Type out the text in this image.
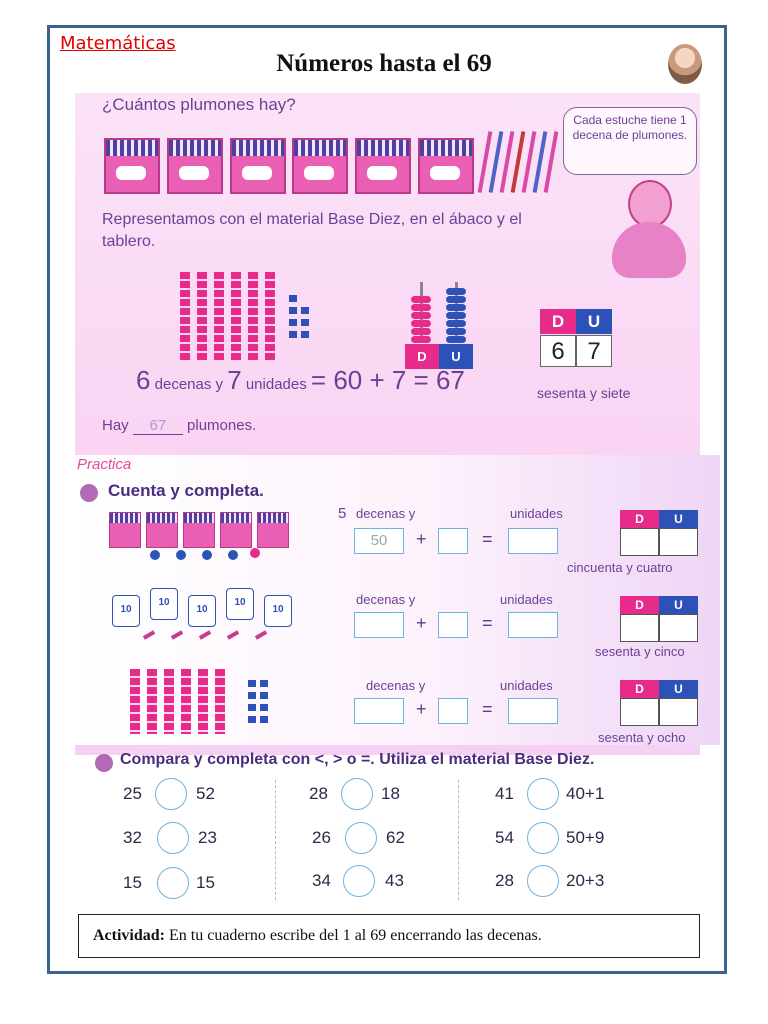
Matemáticas
Números hasta el 69
¿Cuántos plumones hay?
Cada estuche tiene 1 decena de plumones.
Representamos con el material Base Diez, en el ábaco y el tablero.
D	U
D	U
6 7
6 decenas y 7 unidades = 60 + 7 = 67	sesenta y siete
Hay 67 plumones.
Practica
Cuenta y completa.
10
10
10
10
10
5 decenas y	unidades
50	+	=
D	U
cincuenta y cuatro
decenas y	unidades
+	=
D	U
sesenta y cinco
decenas y	unidades
+	=
D	U
sesenta y ocho
Compara y completa con <, > o =. Utiliza el material Base Diez.
25	52	28	18	41	40+1
32	23	26	62	54	50+9
15	15	34	43	28	20+3
Actividad: En tu cuaderno escribe del 1 al 69 encerrando las decenas.
